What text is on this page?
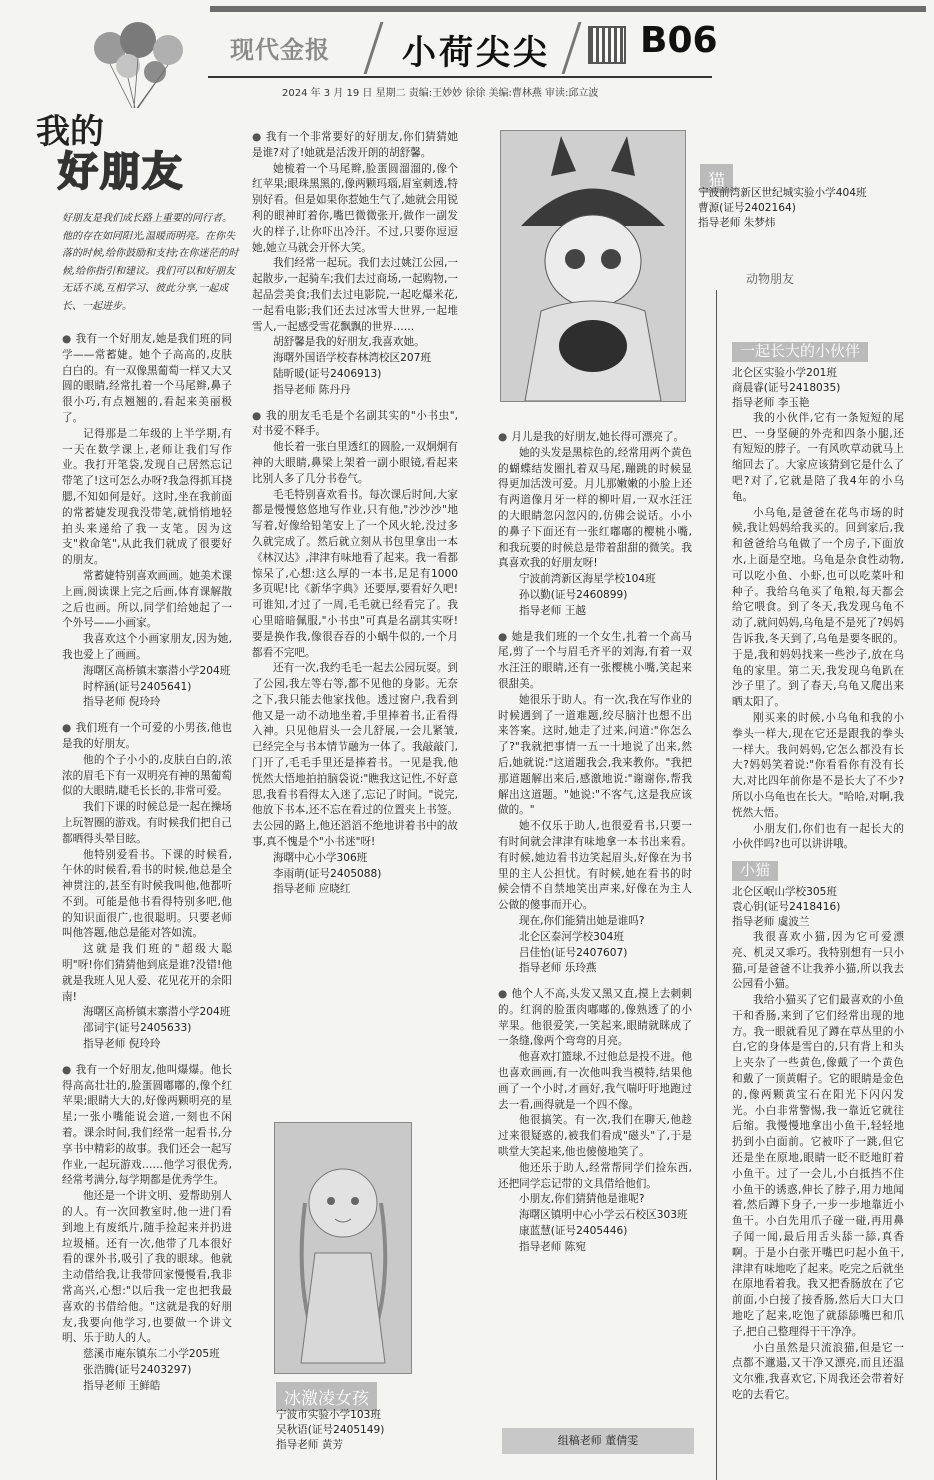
现代金报 小荷尖尖	B06
2024 年 3 月 19 日 星期二 责编:王妙妙 徐徐 美编:曹林燕 审读:邱立波
我的
好朋友
好朋友是我们成长路上重要的同行者。他的存在如同阳光,温暖而明亮。在你失落的时候,给你鼓励和支持;在你迷茫的时候,给你指引和建议。我们可以和好朋友无话不谈,互相学习、彼此分享,一起成长、一起进步。

● 我有一个好朋友,她是我们班的同学——常蓄婕。她个子高高的,皮肤白白的。有一双像黑葡萄一样又大又圆的眼睛,经常扎着一个马尾辫,鼻子很小巧,有点翘翘的,看起来美丽极了。

记得那是二年级的上半学期,有一天在数学课上,老师让我们写作业。我打开笔袋,发现自己居然忘记带笔了!这可怎么办呀?我急得抓耳挠腮,不知如何是好。这时,坐在我前面的常蓄婕发现我没带笔,就悄悄地轻拍头来递给了我一支笔。因为这支"救命笔",从此我们就成了很要好的朋友。

常蓄婕特别喜欢画画。她美术课上画,阅读课上完之后画,体育课解散之后也画。所以,同学们给她起了一个外号——小画家。

我喜欢这个小画家朋友,因为她,我也爱上了画画。

海曙区高桥镇末寨潜小学204班

时梓涵(证号2405641)

指导老师 倪玲玲

● 我们班有一个可爱的小男孩,他也是我的好朋友。

他的个子小小的,皮肤白白的,浓浓的眉毛下有一双明亮有神的黑葡萄似的大眼睛,睫毛长长的,非常可爱。

我们下课的时候总是一起在操场上玩智圈的游戏。有时候我们把自己都晒得头晕目眩。

他特别爱看书。下课的时候看,午休的时候看,看书的时候,他总是全神贯注的,甚至有时候我叫他,他都听不到。可能是他书看得特别多吧,他的知识面很广,也很聪明。只要老师叫他答题,他总是能对答如流。

这就是我们班的"超级大聪明"呀!你们猜猜他到底是谁?没错!他就是我班人见人爱、花见花开的余阳南!

海曙区高桥镇末寨潜小学204班

邵词宇(证号2405633)

指导老师 倪玲玲

● 我有一个好朋友,他叫爆爆。他长得高高壮壮的,脸蛋圆嘟嘟的,像个红苹果;眼睛大大的,好像两颗明亮的星星;一张小嘴能说会道,一刻也不闲着。课余时间,我们经常一起看书,分享书中精彩的故事。我们还会一起写作业,一起玩游戏……他学习很优秀,经常考满分,每学期都是优秀学生。

他还是一个讲文明、爱帮助别人的人。有一次回教室时,他一进门看到地上有废纸片,随手捡起来并扔进垃圾桶。还有一次,他带了几本很好看的课外书,吸引了我的眼球。他就主动借给我,让我带回家慢慢看,我非常高兴,心想:"以后我一定也把我最喜欢的书借给他。"这就是我的好朋友,我要向他学习,也要做一个讲文明、乐于助人的人。

慈溪市庵东镇东二小学205班

张浩腾(证号2403297)

指导老师 王鲜皓

● 我有一个非常要好的好朋友,你们猜猜她是谁?对了!她就是活泼开朗的胡舒馨。

她梳着一个马尾辫,脸蛋圆溜溜的,像个红苹果;眼珠黑黑的,像两颗玛瑙,眉室刺透,特别好看。但是如果你惹她生气了,她就会用锐利的眼神盯着你,嘴巴微微张开,做作一副发火的样子,让你吓出冷汗。不过,只要你逗逗她,她立马就会开怀大笑。

我们经常一起玩。我们去过姚江公园,一起散步,一起骑车;我们去过商场,一起购物,一起品尝美食;我们去过电影院,一起吃爆米花,一起看电影;我们还去过冰雪大世界,一起堆雪人,一起感受雪花飘飘的世界……

胡舒馨是我的好朋友,我喜欢她。

海曙外国语学校春林湾校区207班

陆昕暖(证号2406913)

指导老师 陈丹丹

● 我的朋友毛毛是个名副其实的"小书虫",对书爱不释手。

他长着一张白里透红的圆脸,一双炯炯有神的大眼睛,鼻梁上架着一副小眼镜,看起来比别人多了几分书卷气。

毛毛特别喜欢看书。每次课后时间,大家都是慢慢悠悠地写作业,只有他,"沙沙沙"地写着,好像给铅笔安上了一个风火轮,没过多久就完成了。然后就立刻从书包里拿出一本《林汉达》,津津有味地看了起来。我一看都惊呆了,心想:这么厚的一本书,足足有1000多页呢!比《新华字典》还要厚,要看好久吧!可谁知,才过了一周,毛毛就已经看完了。我心里暗暗佩服,"小书虫"可真是名副其实呀!要是换作我,像很吞吞的小蜗牛似的,一个月都看不完吧。

还有一次,我约毛毛一起去公园玩耍。到了公园,我左等右等,都不见他的身影。无奈之下,我只能去他家找他。透过窗户,我看到他又是一动不动地坐着,手里捧着书,正看得入神。只见他眉头一会儿舒展,一会儿紧皱,已经完全与书本情节融为一体了。我敲敲门,门开了,毛毛手里还是捧着书。一见是我,他恍然大悟地拍拍脑袋说:"瞧我这记性,不好意思,我看书看得太入迷了,忘记了时间。"说完,他放下书本,还不忘在看过的位置夹上书签。去公园的路上,他还滔滔不绝地讲着书中的故事,真不愧是个"小书迷"呀!

海曙中心小学306班

李雨萌(证号2405088)

指导老师 应晓红

冰激凌女孩
宁波市实验小学103班
吴秋语(证号2405149)
指导老师 黄芳
猫
宁波前湾新区世纪城实验小学404班
曹源(证号2402164)
指导老师 朱梦炜

● 月儿是我的好朋友,她长得可漂亮了。

她的头发是黑棕色的,经常用两个黄色的蝴蝶结发圈扎着双马尾,蹦跳的时候显得更加活泼可爱。月儿那嫩嫩的小脸上还有两道像月牙一样的柳叶眉,一双水汪汪的大眼睛忽闪忽闪的,仿佛会说话。小小的鼻子下面还有一张红嘟嘟的樱桃小嘴,和我玩要的时候总是带着甜甜的微笑。我真喜欢我的好朋友呀!

宁波前湾新区海星学校104班

孙以勤(证号2460899)

指导老师 王越

● 她是我们班的一个女生,扎着一个高马尾,剪了一个与眉毛齐平的刘海,有着一双水汪汪的眼睛,还有一张樱桃小嘴,笑起来很甜美。

她很乐于助人。有一次,我在写作业的时候遇到了一道难题,绞尽脑汁也想不出来答案。这时,她走了过来,问道:"你怎么了?"我就把事情一五一十地说了出来,然后,她就说:"这道题我会,我来教你。"我把那道题解出来后,感激地说:"谢谢你,帮我解出这道题。"她说:"不客气,这是我应该做的。"

她不仅乐于助人,也很爱看书,只要一有时间就会津津有味地拿一本书出来看。有时候,她边看书边笑起眉头,好像在为书里的主人公担忧。有时候,她在看书的时候会情不自禁地笑出声来,好像在为主人公做的傻事而开心。

现在,你们能猜出她是谁吗?

北仑区泰河学校304班

吕佳怡(证号2407607)

指导老师 乐玲燕

● 他个人不高,头发又黑又直,摸上去刺刺的。红润的脸蛋肉嘟嘟的,像熟透了的小苹果。他很爱笑,一笑起来,眼睛就眯成了一条缝,像两个弯弯的月亮。

他喜欢打篮球,不过他总是投不进。他也喜欢画画,有一次他叫我当模特,结果他画了一个小时,才画好,我气喘吁吁地跑过去一看,画得就是一个四不像。

他很搞笑。有一次,我们在聊天,他趁过来很疑惑的,被我们看成"磁头"了,于是哄堂大笑起来,他也傻傻地笑了。

他还乐于助人,经常帮同学们捡东西,还把同学忘记带的文具借给他们。

小朋友,你们猜猜他是谁呢?

海曙区镇明中心小学云石校区303班

康蓝慧(证号2405446)

指导老师 陈宛

组稿老师 董倩雯
动物朋友
一起长大的小伙伴
北仑区实验小学201班
商晨睿(证号2418035)
指导老师 李玉艳

我的小伙伴,它有一条短短的尾巴、一身坚硬的外壳和四条小腿,还有短短的脖子。一有风吹草动就马上缩回去了。大家应该猜到它是什么了吧?对了,它就是陪了我4年的小乌龟。

小乌龟,是爸爸在花鸟市场的时候,我让妈妈给我买的。回到家后,我和爸爸给乌龟做了一个房子,下面放水,上面是空地。乌龟是杂食性动物,可以吃小鱼、小虾,也可以吃菜叶和种子。我给乌龟买了龟粮,每天都会给它喂食。到了冬天,我发现乌龟不动了,就问妈妈,乌龟是不是死了?妈妈告诉我,冬天到了,乌龟是要冬眠的。于是,我和妈妈找来一些沙子,放在乌龟的家里。第二天,我发现乌龟趴在沙子里了。到了春天,乌龟又爬出来晒太阳了。

刚买来的时候,小乌龟和我的小拳头一样大,现在它还是跟我的拳头一样大。我问妈妈,它怎么都没有长大?妈妈笑着说:"你看看你有没有长大,对比四年前你是不是长大了不少?所以小乌龟也在长大。"哈哈,对啊,我恍然大悟。

小朋友们,你们也有一起长大的小伙伴吗?也可以讲讲哦。

小猫
北仑区岷山学校305班
袁心钥(证号2418416)
指导老师 虞波兰

我很喜欢小猫,因为它可爱漂亮、机灵又乖巧。我特别想有一只小猫,可是爸爸不让我养小猫,所以我去公园看小猫。

我给小猫买了它们最喜欢的小鱼干和香肠,来到了它们经常出现的地方。我一眼就看见了蹲在草丛里的小白,它的身体是雪白的,只有背上和头上夹杂了一些黄色,像戴了一个黄色和戴了一顶黄帽子。它的眼睛是金色的,像两颗黄宝石在阳光下闪闪发光。小白非常警惕,我一靠近它就往后缩。我慢慢地拿出小鱼干,轻轻地扔到小白面前。它被吓了一跳,但它还是坐在原地,眼睛一眨不眨地盯着小鱼干。过了一会儿,小白抵挡不住小鱼干的诱惑,伸长了脖子,用力地闻着,然后蹲下身子,一步一步地靠近小鱼干。小白先用爪子碰一碰,再用鼻子闻一闻,最后用舌头舔一舔,真香啊。于是小白张开嘴巴叼起小鱼干,津津有味地吃了起来。吃完之后就坐在原地看着我。我又把香肠放在了它前面,小白接了接香肠,然后大口大口地吃了起来,吃饱了就舔舔嘴巴和爪子,把自己整理得干干净净。

小白虽然是只流浪猫,但是它一点都不邋遢,又干净又漂亮,而且还温文尔雅,我喜欢它,下周我还会带着好吃的去看它。
